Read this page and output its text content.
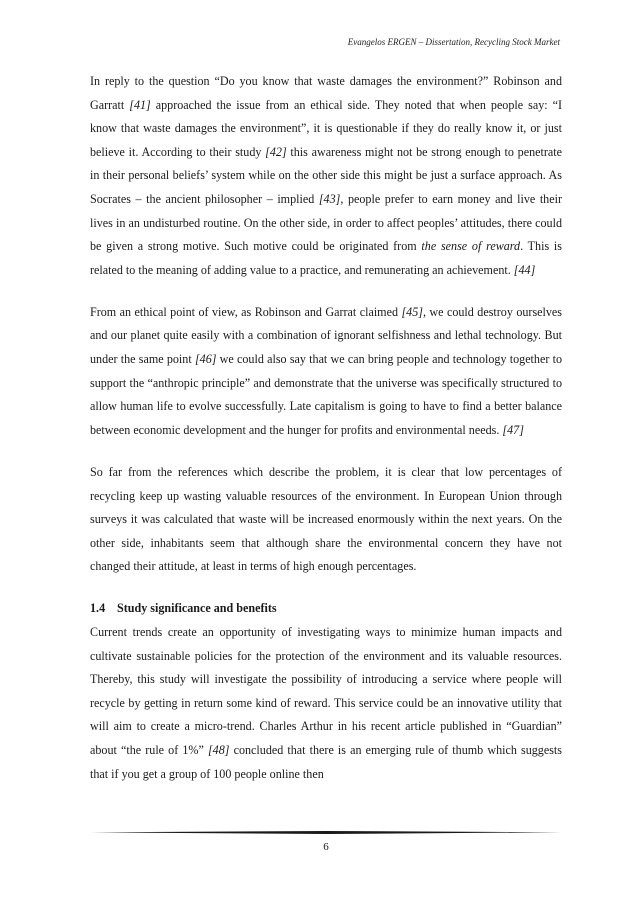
Evangelos ERGEN – Dissertation, Recycling Stock Market

In reply to the question “Do you know that waste damages the environment?” Robinson and Garratt [41] approached the issue from an ethical side. They noted that when people say: “I know that waste damages the environment”, it is questionable if they do really know it, or just believe it. According to their study [42] this awareness might not be strong enough to penetrate in their personal beliefs’ system while on the other side this might be just a surface approach. As Socrates – the ancient philosopher – implied [43], people prefer to earn money and live their lives in an undisturbed routine. On the other side, in order to affect peoples’ attitudes, there could be given a strong motive. Such motive could be originated from the sense of reward. This is related to the meaning of adding value to a practice, and remunerating an achievement. [44]

From an ethical point of view, as Robinson and Garrat claimed [45], we could destroy ourselves and our planet quite easily with a combination of ignorant selfishness and lethal technology. But under the same point [46] we could also say that we can bring people and technology together to support the “anthropic principle” and demonstrate that the universe was specifically structured to allow human life to evolve successfully. Late capitalism is going to have to find a better balance between economic development and the hunger for profits and environmental needs. [47]

So far from the references which describe the problem, it is clear that low percentages of recycling keep up wasting valuable resources of the environment. In European Union through surveys it was calculated that waste will be increased enormously within the next years. On the other side, inhabitants seem that although share the environmental concern they have not changed their attitude, at least in terms of high enough percentages.

1.4 Study significance and benefits

Current trends create an opportunity of investigating ways to minimize human impacts and cultivate sustainable policies for the protection of the environment and its valuable resources. Thereby, this study will investigate the possibility of introducing a service where people will recycle by getting in return some kind of reward. This service could be an innovative utility that will aim to create a micro-trend. Charles Arthur in his recent article published in “Guardian” about “the rule of 1%” [48] concluded that there is an emerging rule of thumb which suggests that if you get a group of 100 people online then

6
